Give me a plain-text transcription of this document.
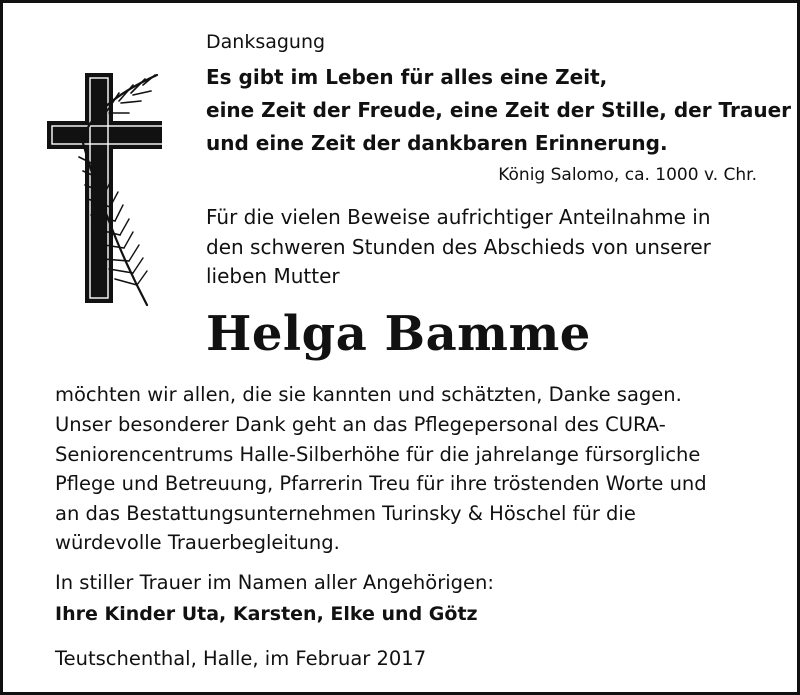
Danksagung
Es gibt im Leben für alles eine Zeit,
eine Zeit der Freude, eine Zeit der Stille, der Trauer
und eine Zeit der dankbaren Erinnerung.
König Salomo, ca. 1000 v. Chr.
Für die vielen Beweise aufrichtiger Anteilnahme in
den schweren Stunden des Abschieds von unserer
lieben Mutter
Helga Bamme
möchten wir allen, die sie kannten und schätzten, Danke sagen.
Unser besonderer Dank geht an das Pflegepersonal des CURA-
Seniorencentrums Halle-Silberhöhe für die jahrelange fürsorgliche
Pflege und Betreuung, Pfarrerin Treu für ihre tröstenden Worte und
an das Bestattungsunternehmen Turinsky & Höschel für die
würdevolle Trauerbegleitung.
In stiller Trauer im Namen aller Angehörigen:
Ihre Kinder Uta, Karsten, Elke und Götz
Teutschenthal, Halle, im Februar 2017
